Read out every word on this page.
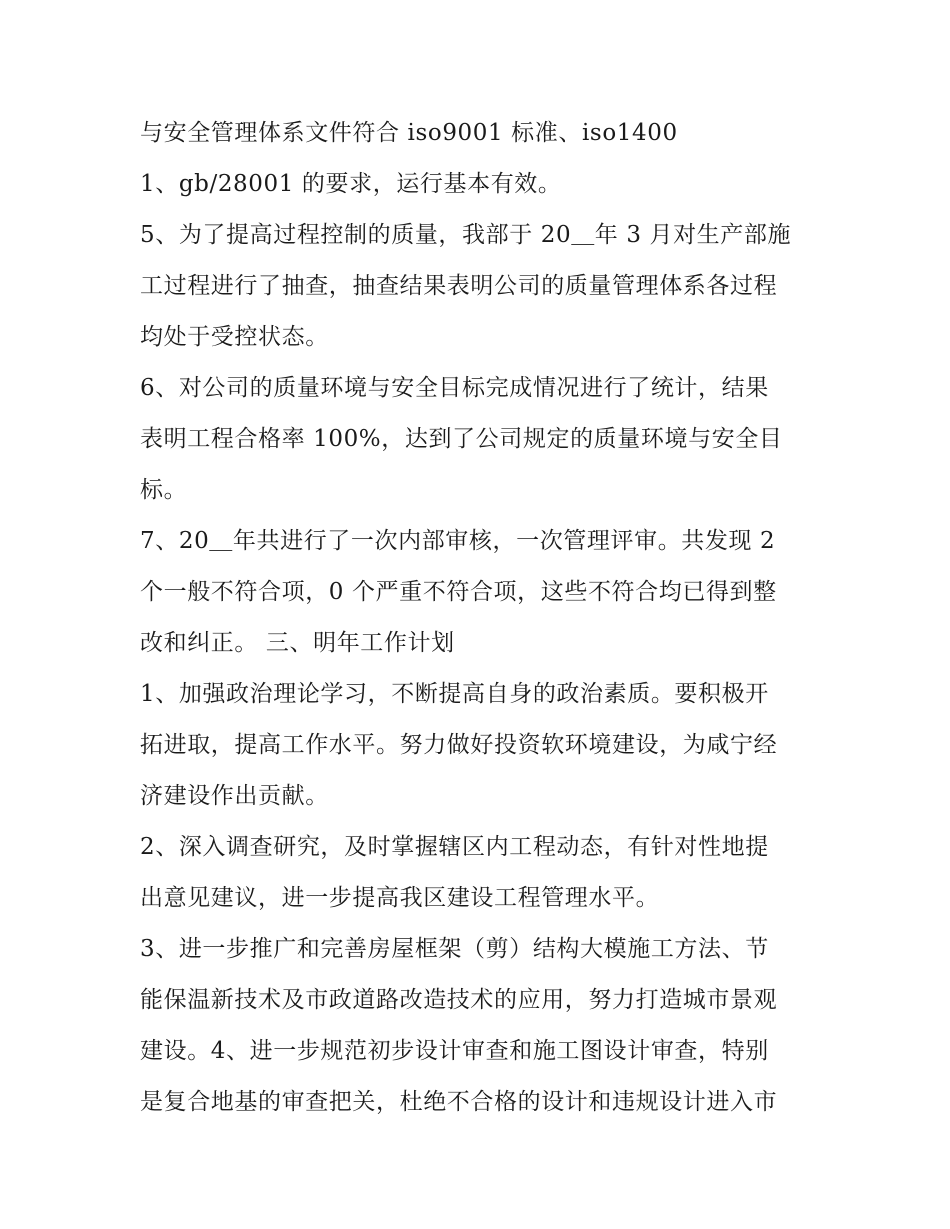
与安全管理体系文件符合 iso9001 标准、iso1400
1、gb/28001 的要求，运行基本有效。
5、为了提高过程控制的质量，我部于 20＿年 3 月对生产部施
工过程进行了抽查，抽查结果表明公司的质量管理体系各过程
均处于受控状态。
6、对公司的质量环境与安全目标完成情况进行了统计，结果
表明工程合格率 100%，达到了公司规定的质量环境与安全目
标。
7、20＿年共进行了一次内部审核，一次管理评审。共发现 2
个一般不符合项，0 个严重不符合项，这些不符合均已得到整
改和纠正。 三、明年工作计划
1、加强政治理论学习，不断提高自身的政治素质。要积极开
拓进取，提高工作水平。努力做好投资软环境建设，为咸宁经
济建设作出贡献。
2、深入调查研究，及时掌握辖区内工程动态，有针对性地提
出意见建议，进一步提高我区建设工程管理水平。
3、进一步推广和完善房屋框架（剪）结构大模施工方法、节
能保温新技术及市政道路改造技术的应用，努力打造城市景观
建设。4、进一步规范初步设计审查和施工图设计审查，特别
是复合地基的审查把关，杜绝不合格的设计和违规设计进入市
